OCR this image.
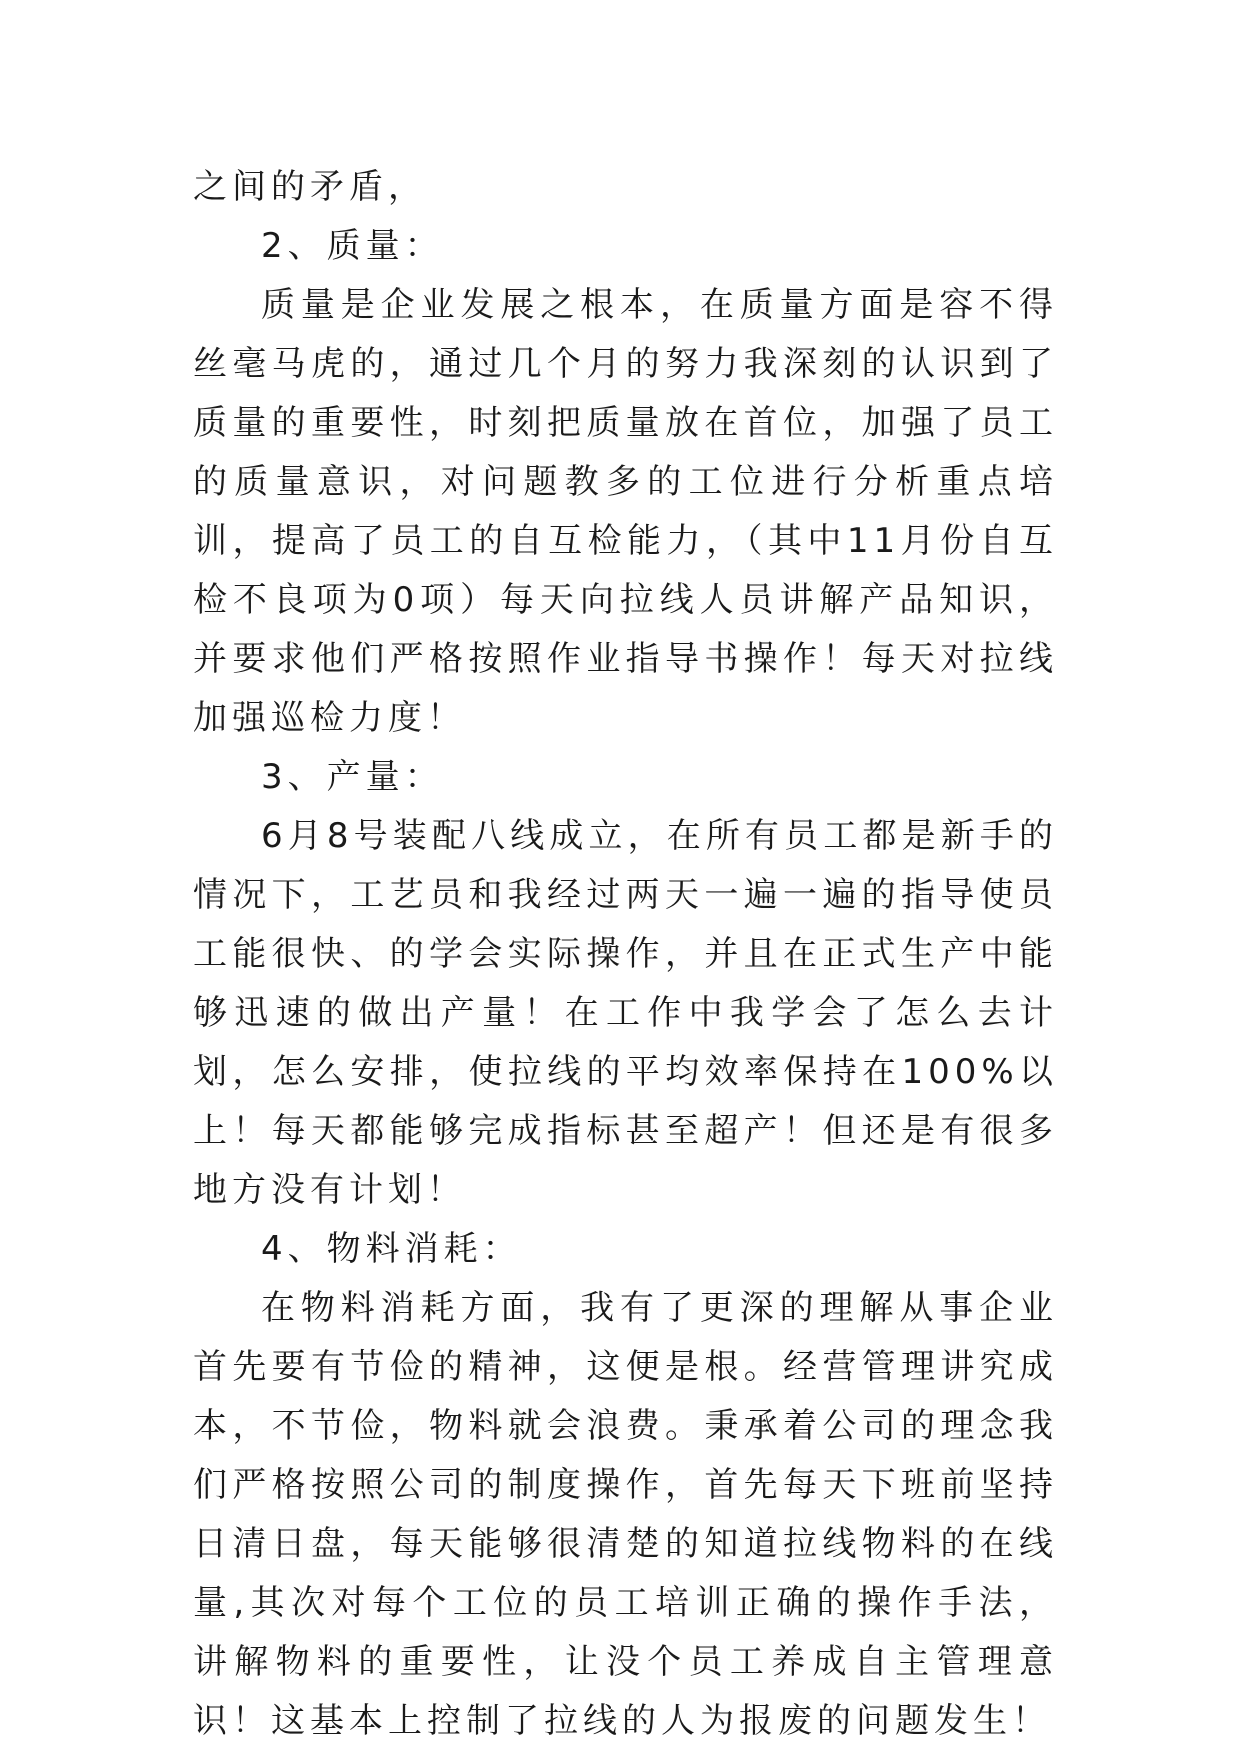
之间的矛盾，

2、质量：

质量是企业发展之根本，在质量方面是容不得丝毫马虎的，通过几个月的努力我深刻的认识到了质量的重要性，时刻把质量放在首位，加强了员工的质量意识，对问题教多的工位进行分析重点培训，提高了员工的自互检能力，（其中11月份自互检不良项为0项）每天向拉线人员讲解产品知识，并要求他们严格按照作业指导书操作！每天对拉线加强巡检力度！

3、产量：

6月8号装配八线成立，在所有员工都是新手的情况下，工艺员和我经过两天一遍一遍的指导使员工能很快、的学会实际操作，并且在正式生产中能够迅速的做出产量！在工作中我学会了怎么去计划，怎么安排，使拉线的平均效率保持在100%以上！每天都能够完成指标甚至超产！但还是有很多地方没有计划！

4、物料消耗：

在物料消耗方面，我有了更深的理解从事企业首先要有节俭的精神，这便是根。经营管理讲究成本，不节俭，物料就会浪费。秉承着公司的理念我们严格按照公司的制度操作，首先每天下班前坚持日清日盘，每天能够很清楚的知道拉线物料的在线量,其次对每个工位的员工培训正确的操作手法，讲解物料的重要性，让没个员工养成自主管理意识！这基本上控制了拉线的人为报废的问题发生！
